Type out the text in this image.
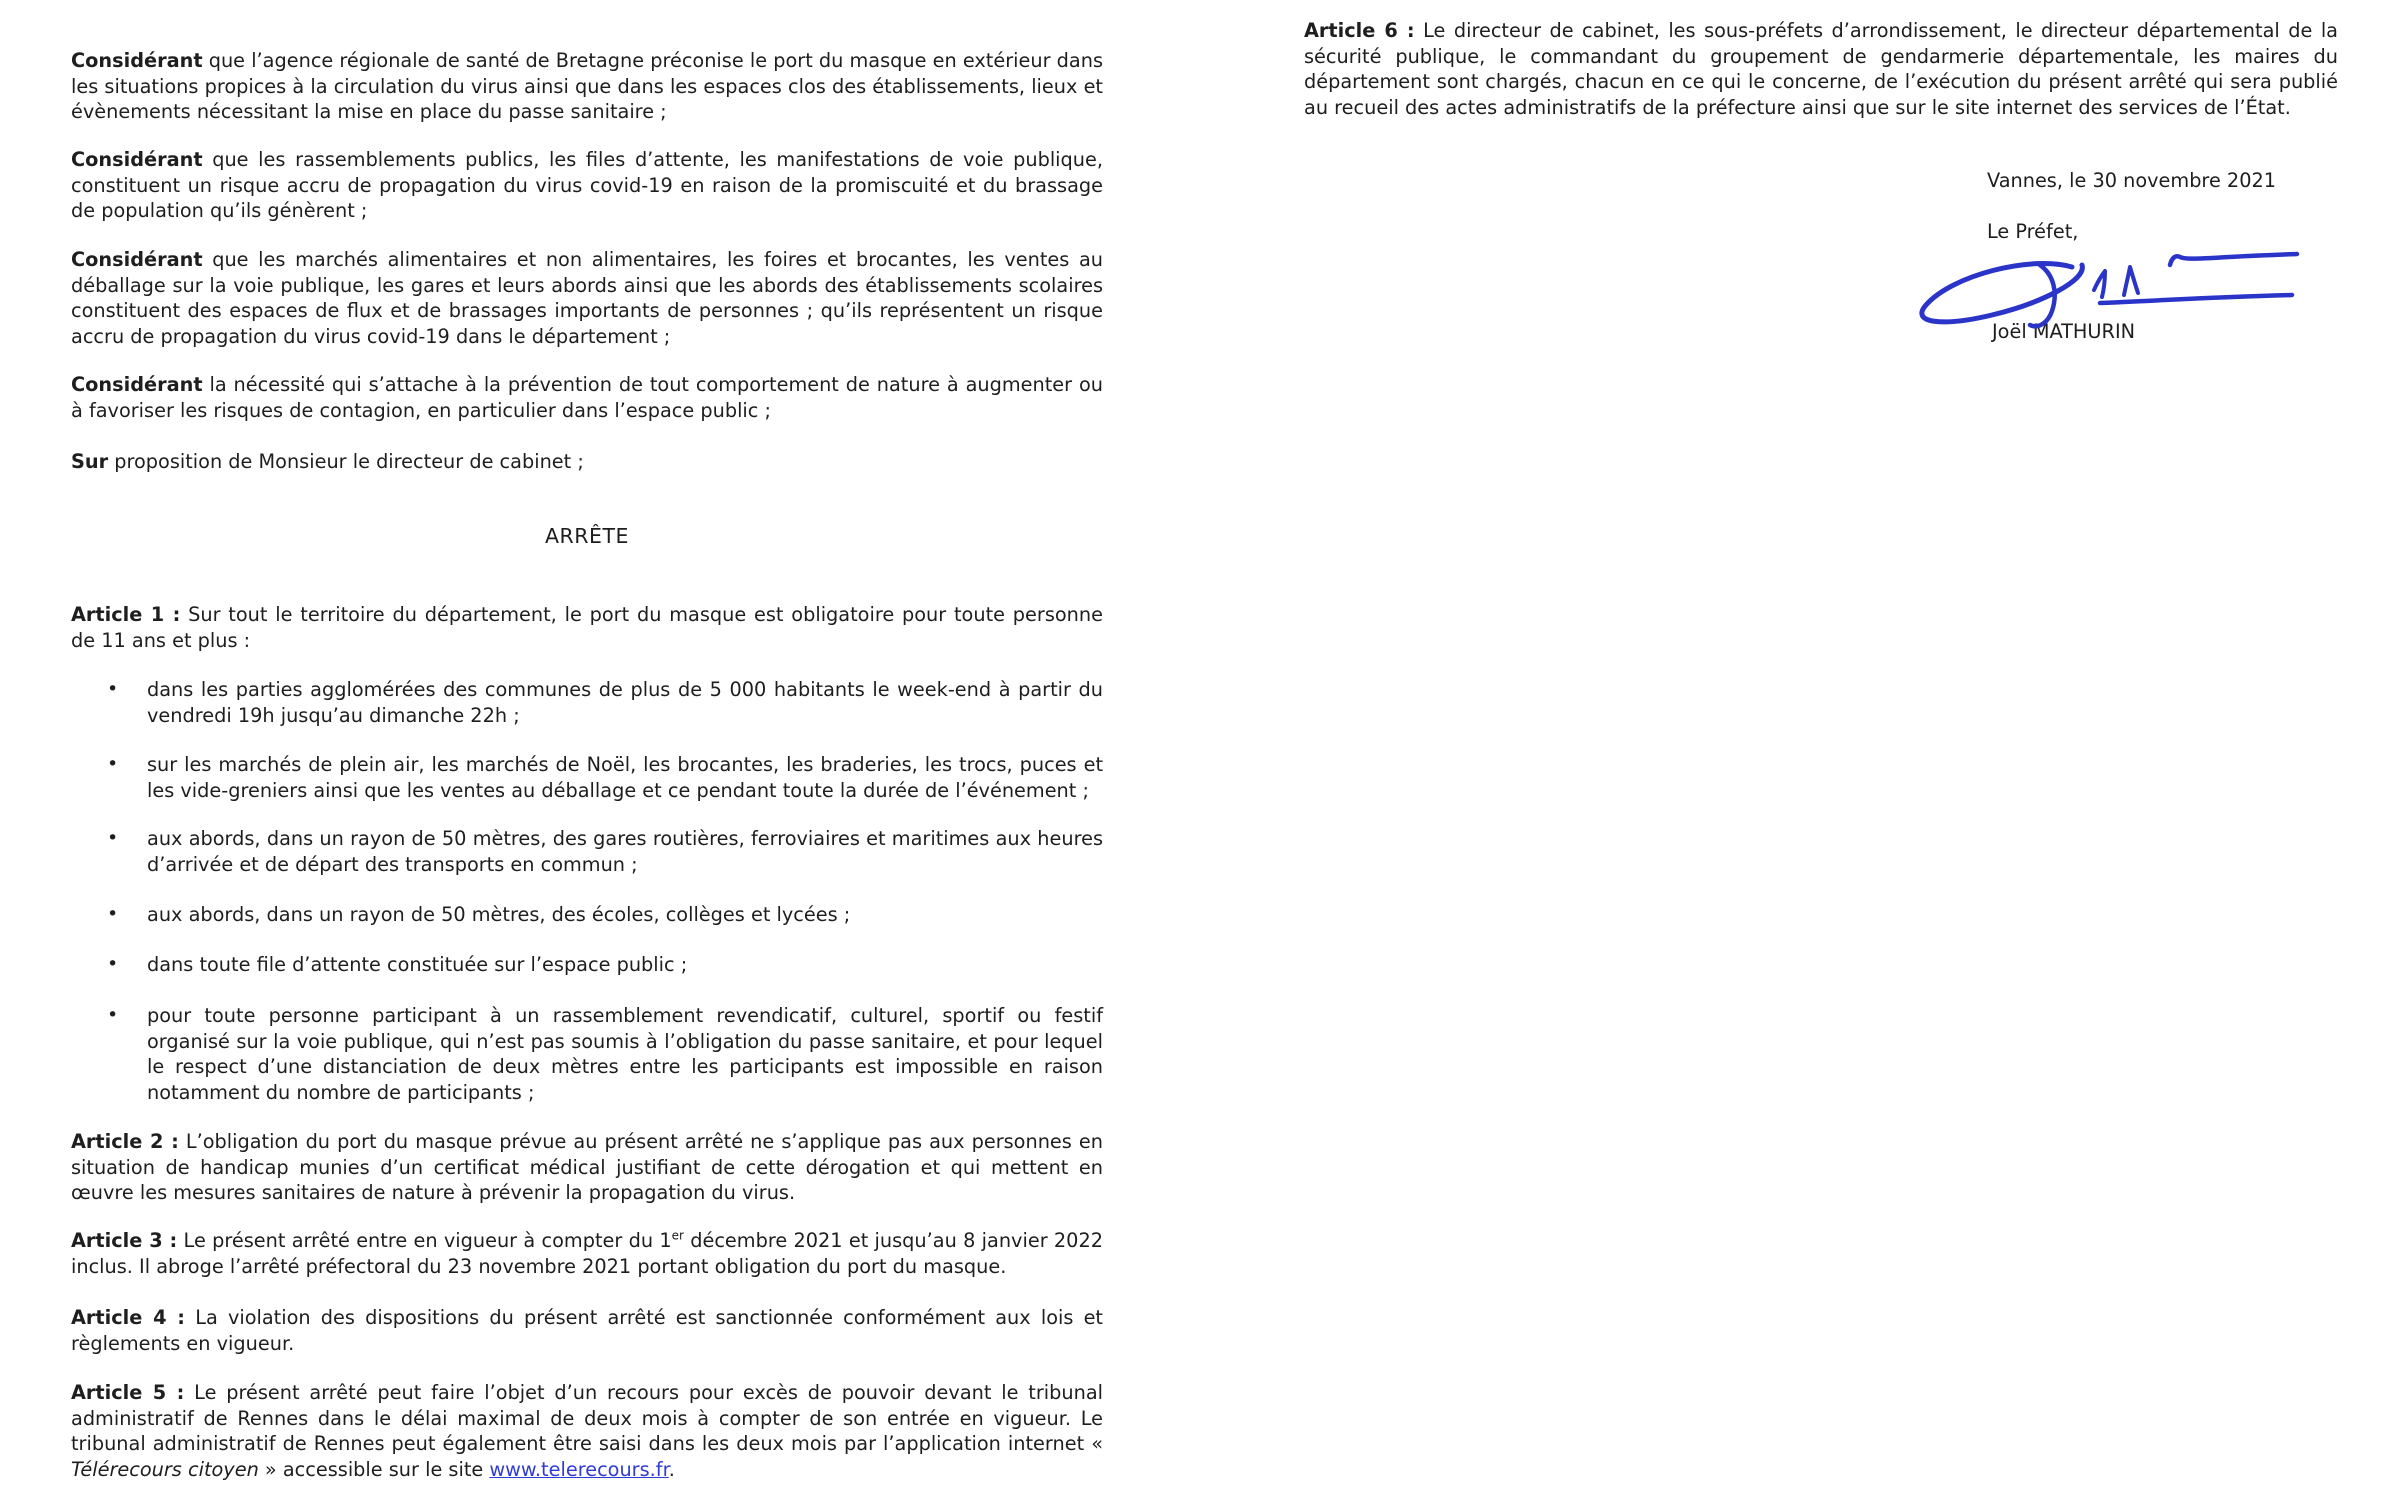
Considérant que l’agence régionale de santé de Bretagne préconise le port du masque en extérieur dans les situations propices à la circulation du virus ainsi que dans les espaces clos des établissements, lieux et évènements nécessitant la mise en place du passe sanitaire ;

Considérant que les rassemblements publics, les files d’attente, les manifestations de voie publique, constituent un risque accru de propagation du virus covid-19 en raison de la promiscuité et du brassage de population qu’ils génèrent ;

Considérant que les marchés alimentaires et non alimentaires, les foires et brocantes, les ventes au déballage sur la voie publique, les gares et leurs abords ainsi que les abords des établissements scolaires constituent des espaces de flux et de brassages importants de personnes ; qu’ils représentent un risque accru de propagation du virus covid-19 dans le département ;

Considérant la nécessité qui s’attache à la prévention de tout comportement de nature à augmenter ou à favoriser les risques de contagion, en particulier dans l’espace public ;

Sur proposition de Monsieur le directeur de cabinet ;

ARRÊTE

Article 1 : Sur tout le territoire du département, le port du masque est obligatoire pour toute personne de 11 ans et plus :

• dans les parties agglomérées des communes de plus de 5 000 habitants le week-end à partir du vendredi 19h jusqu’au dimanche 22h ;

• sur les marchés de plein air, les marchés de Noël, les brocantes, les braderies, les trocs, puces et les vide-greniers ainsi que les ventes au déballage et ce pendant toute la durée de l’événement ;

• aux abords, dans un rayon de 50 mètres, des gares routières, ferroviaires et maritimes aux heures d’arrivée et de départ des transports en commun ;

• aux abords, dans un rayon de 50 mètres, des écoles, collèges et lycées ;

• dans toute file d’attente constituée sur l’espace public ;

• pour toute personne participant à un rassemblement revendicatif, culturel, sportif ou festif organisé sur la voie publique, qui n’est pas soumis à l’obligation du passe sanitaire, et pour lequel le respect d’une distanciation de deux mètres entre les participants est impossible en raison notamment du nombre de participants ;

Article 2 : L’obligation du port du masque prévue au présent arrêté ne s’applique pas aux personnes en situation de handicap munies d’un certificat médical justifiant de cette dérogation et qui mettent en œuvre les mesures sanitaires de nature à prévenir la propagation du virus.

Article 3 : Le présent arrêté entre en vigueur à compter du 1er décembre 2021 et jusqu’au 8 janvier 2022 inclus. Il abroge l’arrêté préfectoral du 23 novembre 2021 portant obligation du port du masque.

Article 4 : La violation des dispositions du présent arrêté est sanctionnée conformément aux lois et règlements en vigueur.

Article 5 : Le présent arrêté peut faire l’objet d’un recours pour excès de pouvoir devant le tribunal administratif de Rennes dans le délai maximal de deux mois à compter de son entrée en vigueur. Le tribunal administratif de Rennes peut également être saisi dans les deux mois par l’application internet « Télérecours citoyen » accessible sur le site www.telerecours.fr.

Article 6 : Le directeur de cabinet, les sous-préfets d’arrondissement, le directeur départemental de la sécurité publique, le commandant du groupement de gendarmerie départementale, les maires du département sont chargés, chacun en ce qui le concerne, de l’exécution du présent arrêté qui sera publié au recueil des actes administratifs de la préfecture ainsi que sur le site internet des services de l’État.

Vannes, le 30 novembre 2021
Le Préfet,
Joël MATHURIN
